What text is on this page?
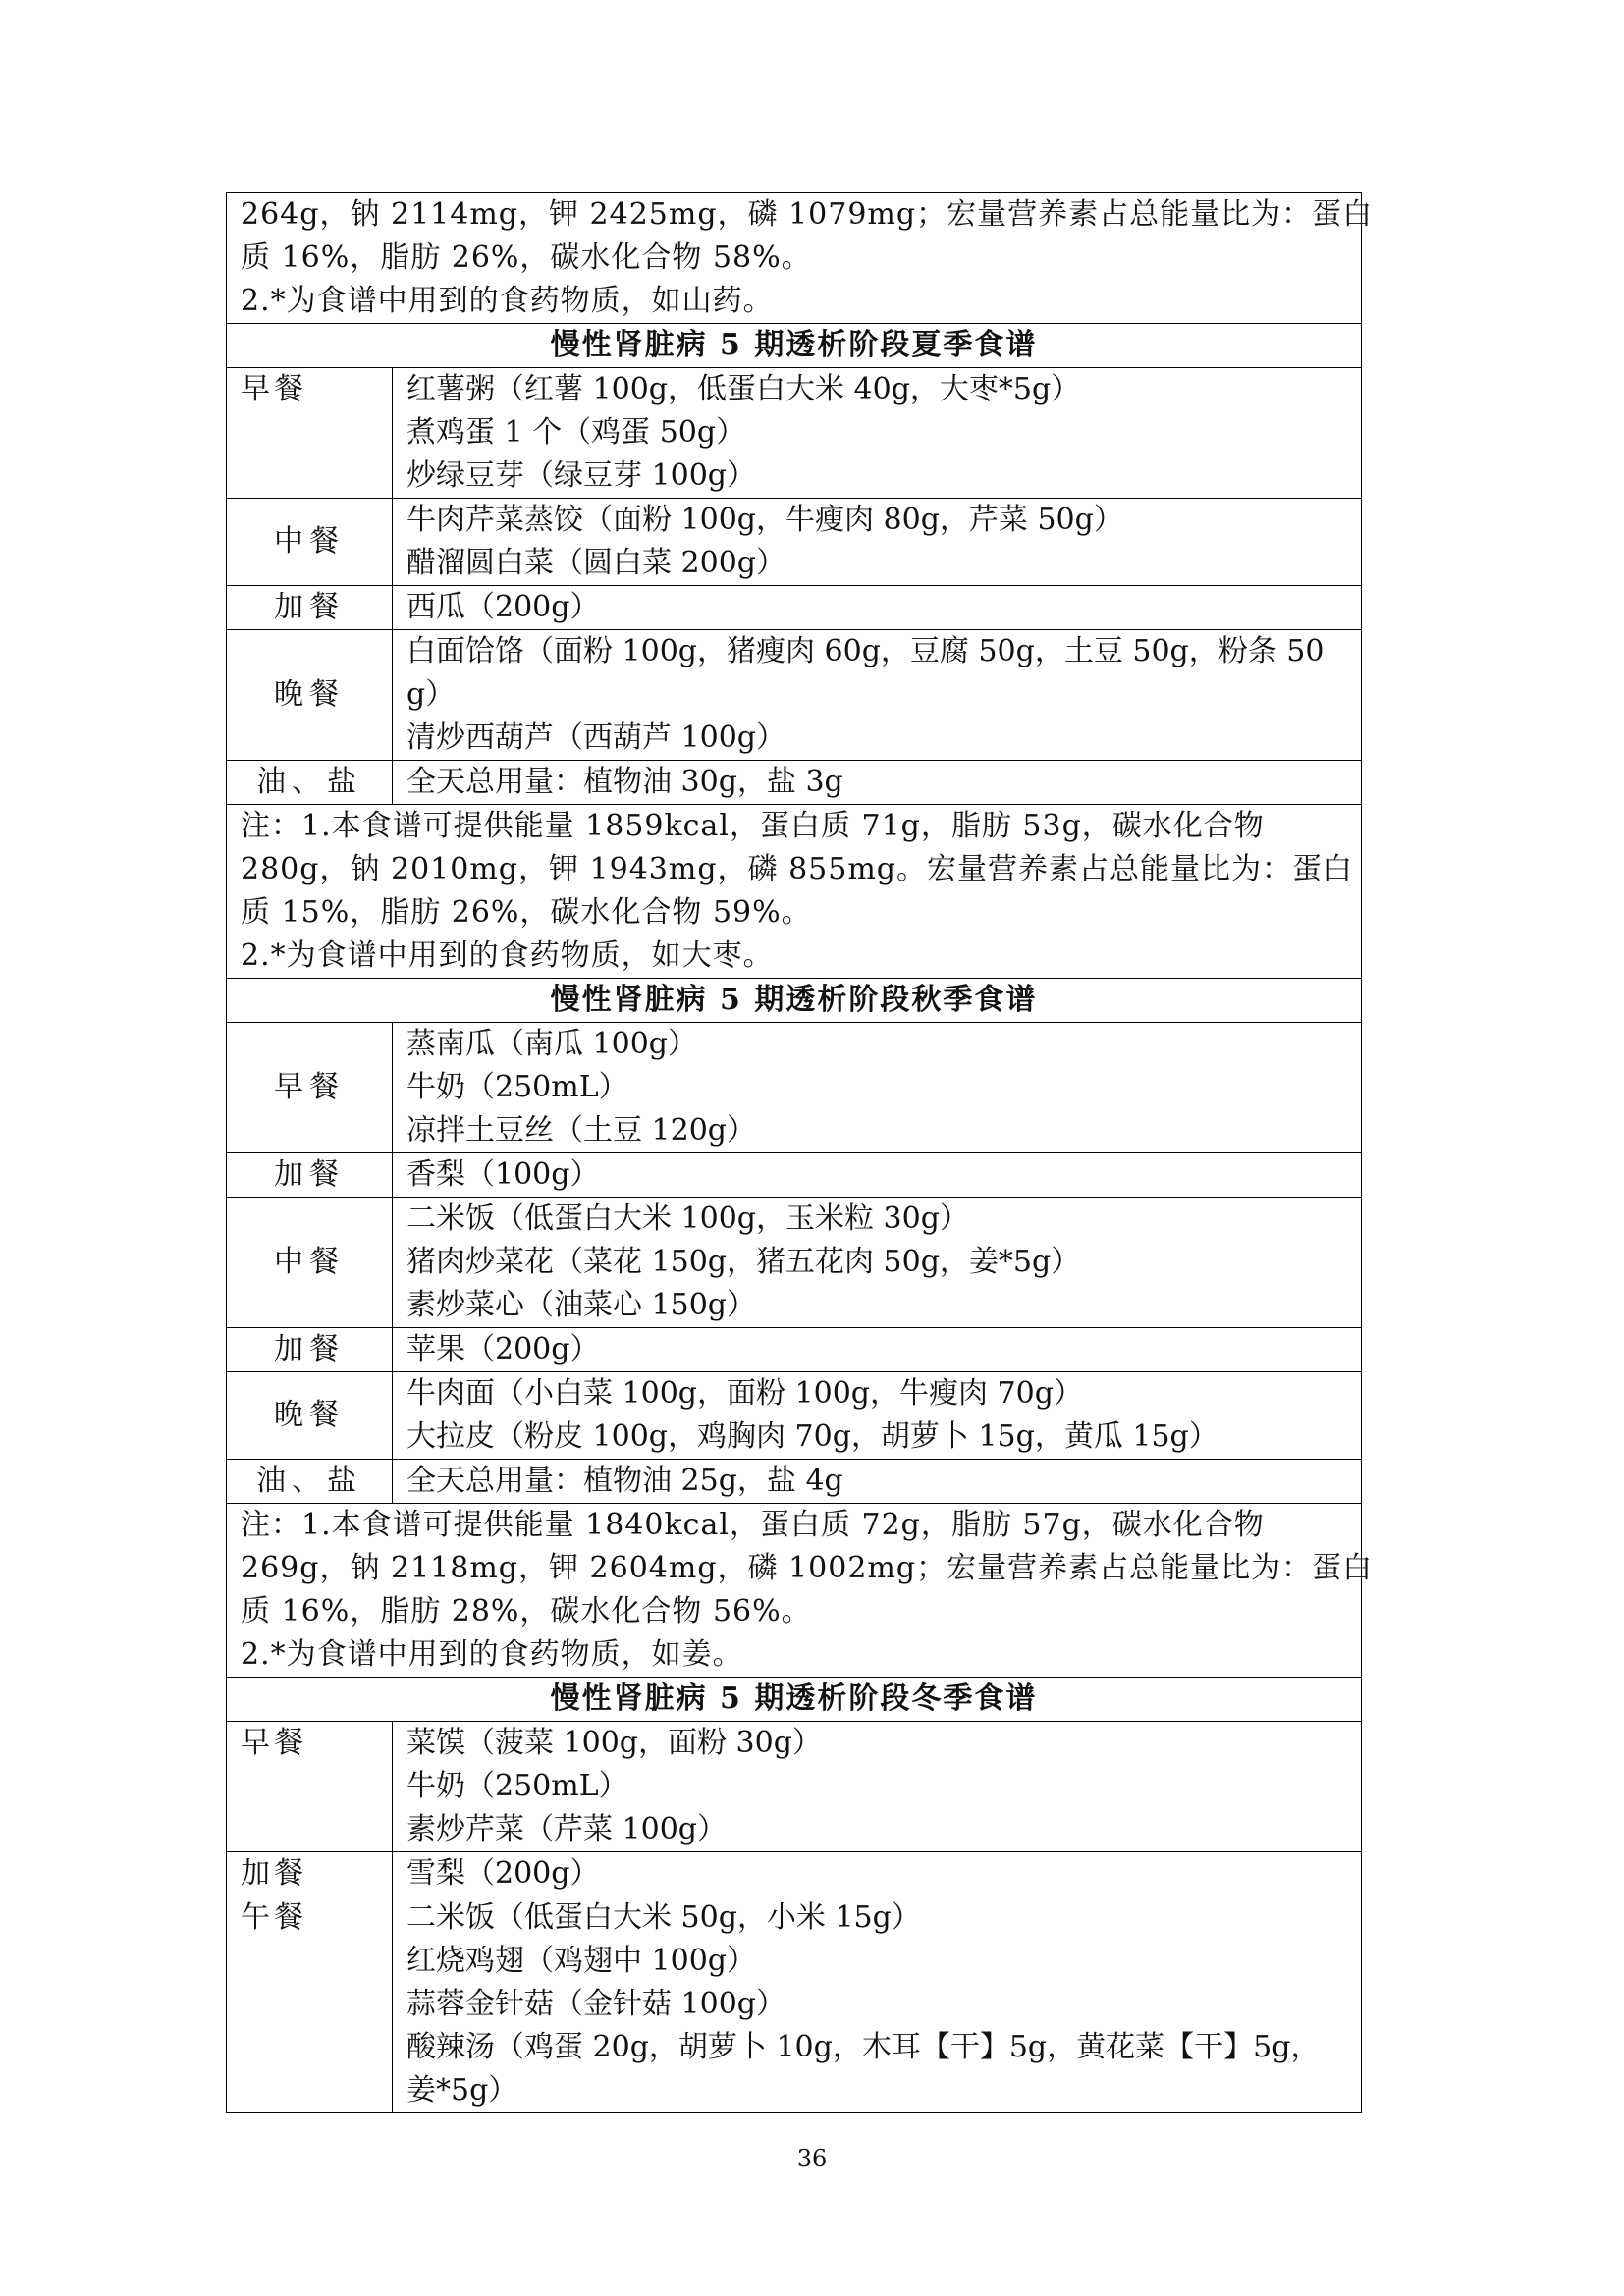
264g，钠 2114mg，钾 2425mg，磷 1079mg；宏量营养素占总能量比为：蛋白
质 16%，脂肪 26%，碳水化合物 58%。
2.*为食谱中用到的食药物质，如山药。	

慢性肾脏病 5 期透析阶段夏季食谱	
早餐	红薯粥（红薯 100g，低蛋白大米 40g，大枣*5g）
煮鸡蛋 1 个（鸡蛋 50g）
炒绿豆芽（绿豆芽 100g）

中餐	牛肉芹菜蒸饺（面粉 100g，牛瘦肉 80g，芹菜 50g）
醋溜圆白菜（圆白菜 200g）

加餐	西瓜（200g）

晚餐	白面饸饹（面粉 100g，猪瘦肉 60g，豆腐 50g，土豆 50g，粉条 50g）
清炒西葫芦（西葫芦 100g）

油、盐	全天总用量：植物油 30g，盐 3g

注：1.本食谱可提供能量 1859kcal，蛋白质 71g，脂肪 53g，碳水化合物
280g，钠 2010mg，钾 1943mg，磷 855mg。宏量营养素占总能量比为：蛋白
质 15%，脂肪 26%，碳水化合物 59%。
2.*为食谱中用到的食药物质，如大枣。	

慢性肾脏病 5 期透析阶段秋季食谱	
早餐	蒸南瓜（南瓜 100g）
牛奶（250mL）
凉拌土豆丝（土豆 120g）

加餐	香梨（100g）

中餐	二米饭（低蛋白大米 100g，玉米粒 30g）
猪肉炒菜花（菜花 150g，猪五花肉 50g，姜*5g）
素炒菜心（油菜心 150g）

加餐	苹果（200g）

晚餐	牛肉面（小白菜 100g，面粉 100g，牛瘦肉 70g）
大拉皮（粉皮 100g，鸡胸肉 70g，胡萝卜 15g，黄瓜 15g）

油、盐	全天总用量：植物油 25g，盐 4g

注：1.本食谱可提供能量 1840kcal，蛋白质 72g，脂肪 57g，碳水化合物
269g，钠 2118mg，钾 2604mg，磷 1002mg；宏量营养素占总能量比为：蛋白
质 16%，脂肪 28%，碳水化合物 56%。
2.*为食谱中用到的食药物质，如姜。	

慢性肾脏病 5 期透析阶段冬季食谱	
早餐	菜馍（菠菜 100g，面粉 30g）
牛奶（250mL）
素炒芹菜（芹菜 100g）

加餐	雪梨（200g）

午餐	二米饭（低蛋白大米 50g，小米 15g）
红烧鸡翅（鸡翅中 100g）
蒜蓉金针菇（金针菇 100g）
酸辣汤（鸡蛋 20g，胡萝卜 10g，木耳【干】5g，黄花菜【干】5g，姜*5g）
36
